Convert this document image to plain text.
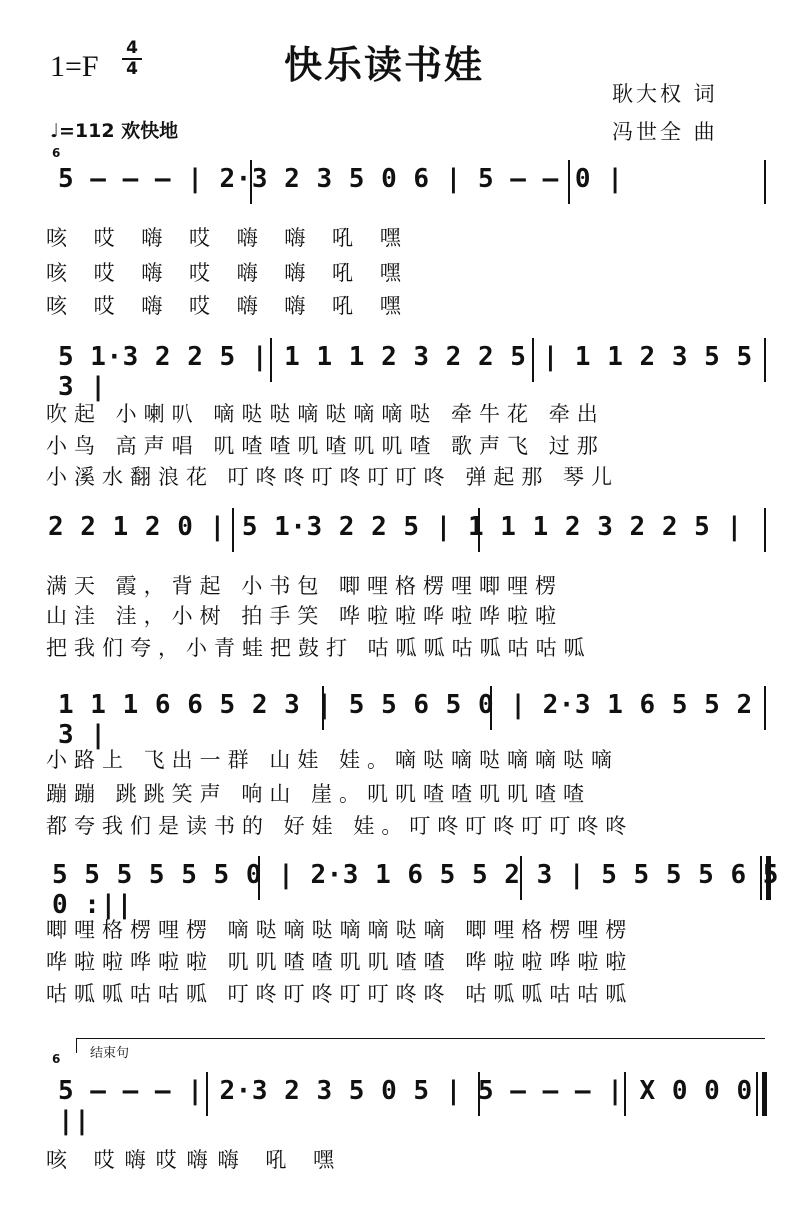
1=F
4
4	快乐读书娃
耿大权 词
冯世全 曲
♩=112 欢快地
6
5 — — — | 2·3 2 3 5 0 6 | 5 — — 0 |
咳 哎 嗨 哎 嗨 嗨 吼 嘿
咳 哎 嗨 哎 嗨 嗨 吼 嘿
咳 哎 嗨 哎 嗨 嗨 吼 嘿
5 1·3 2 2 5 | 1 1 1 2 3 2 2 5 | 1 1 2 3 5 5 3 |
吹起 小喇叭 嘀哒哒嘀哒嘀嘀哒 牵牛花 牵出
小鸟 高声唱 叽喳喳叽喳叽叽喳 歌声飞 过那
小溪水翻浪花 叮咚咚叮咚叮叮咚 弹起那 琴儿
2 2 1 2 0 | 5 1·3 2 2 5 | 1 1 1 2 3 2 2 5 |
满天 霞，背起 小书包 唧哩格楞哩唧哩楞
山洼 洼，小树 拍手笑 哗啦啦哗啦哗啦啦
把我们夸，小青蛙把鼓打 咕呱呱咕呱咕咕呱
1 1 1 6 6 5 2 3 | 5 5 6 5 0 | 2·3 1 6 5 5 2 3 |
小路上 飞出一群 山娃 娃。嘀哒嘀哒嘀嘀哒嘀
蹦蹦 跳跳笑声 响山 崖。叽叽喳喳叽叽喳喳
都夸我们是读书的 好娃 娃。叮咚叮咚叮叮咚咚
5 5 5 5 5 5 0 | 2·3 1 6 5 5 2 3 | 5 5 5 5 6 5 0 :||
唧哩格楞哩楞 嘀哒嘀哒嘀嘀哒嘀 唧哩格楞哩楞
哗啦啦哗啦啦 叽叽喳喳叽叽喳喳 哗啦啦哗啦啦
咕呱呱咕咕呱 叮咚叮咚叮叮咚咚 咕呱呱咕咕呱
结束句
6
5 — — — | 2·3 2 3 5 0 5 | 5 — — — | X 0 0 0 ||
咳 哎嗨哎嗨嗨 吼 嘿
